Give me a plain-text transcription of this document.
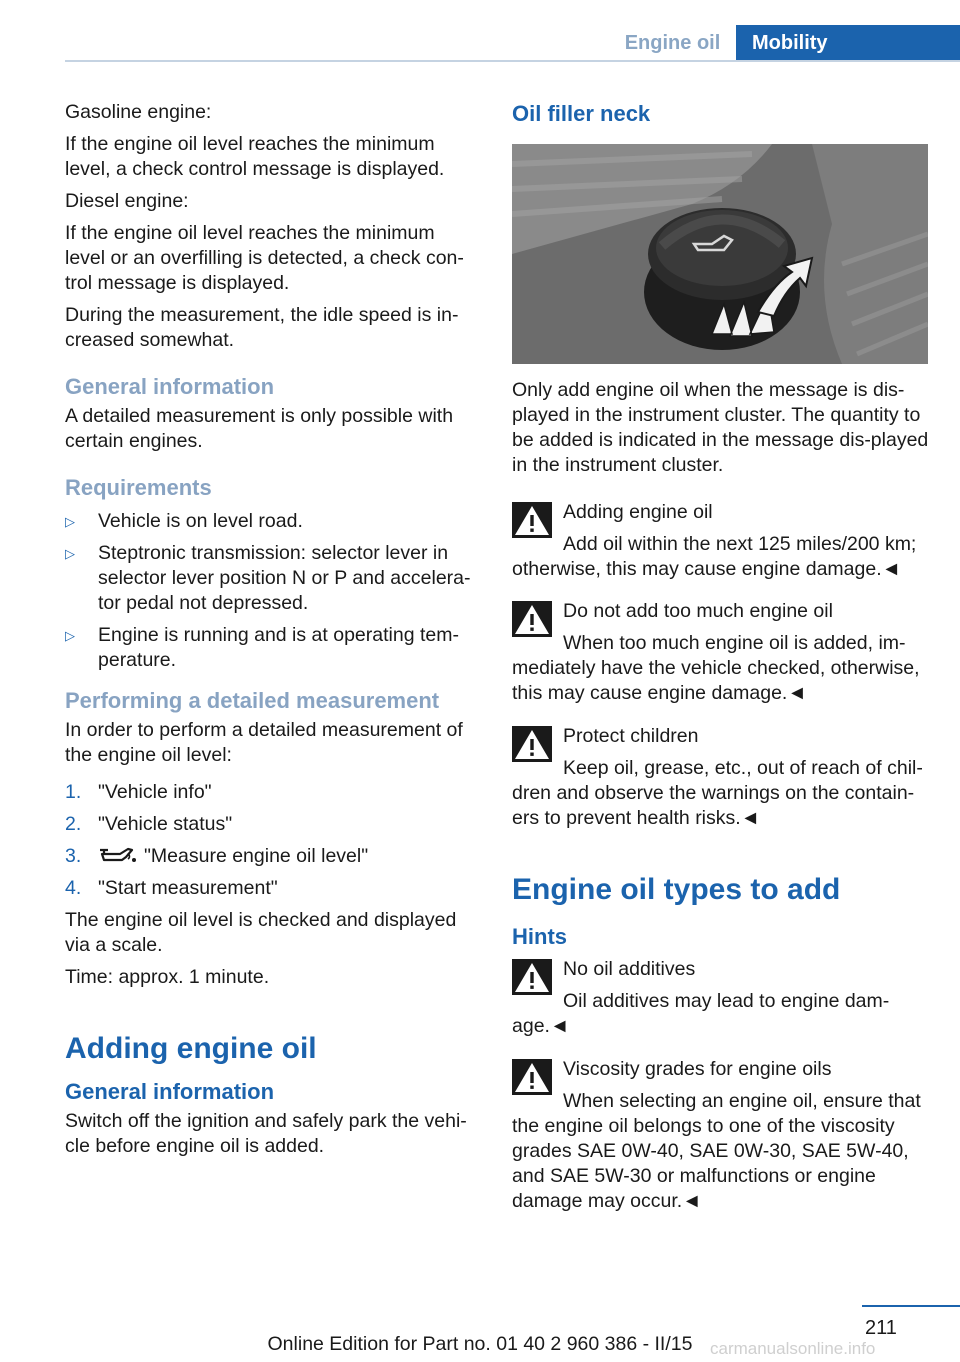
Engine oil	Mobility

Gasoline engine:

If the engine oil level reaches the minimum level, a check control message is displayed.

Diesel engine:

If the engine oil level reaches the minimum level or an overfilling is detected, a check con‐trol message is displayed.

During the measurement, the idle speed is in‐creased somewhat.

General information

A detailed measurement is only possible with certain engines.

Requirements
▷ Vehicle is on level road.
▷ Steptronic transmission: selector lever in selector lever position N or P and accelera‐tor pedal not depressed.
▷ Engine is running and is at operating tem‐perature.
Performing a detailed measurement

In order to perform a detailed measurement of the engine oil level:

1. "Vehicle info"
2. "Vehicle status"
3.	"Measure engine oil level"
4. "Start measurement"

The engine oil level is checked and displayed via a scale.

Time: approx. 1 minute.

Adding engine oil
General information

Switch off the ignition and safely park the vehi‐cle before engine oil is added.

Oil filler neck

Only add engine oil when the message is dis‐played in the instrument cluster. The quantity to be added is indicated in the message dis‐played in the instrument cluster.

Adding engine oil
Add oil within the next 125 miles/200 km; otherwise, this may cause engine damage.◄
Do not add too much engine oil
When too much engine oil is added, im‐mediately have the vehicle checked, otherwise, this may cause engine damage.◄
Protect children
Keep oil, grease, etc., out of reach of chil‐dren and observe the warnings on the contain‐ers to prevent health risks.◄
Engine oil types to add
Hints
No oil additives
Oil additives may lead to engine dam‐age.◄
Viscosity grades for engine oils
When selecting an engine oil, ensure that the engine oil belongs to one of the viscosity grades SAE 0W-40, SAE 0W-30, SAE 5W-40, and SAE 5W-30 or malfunctions or engine damage may occur.◄
211
Online Edition for Part no. 01 40 2 960 386 - II/15	carmanualsonline.info
